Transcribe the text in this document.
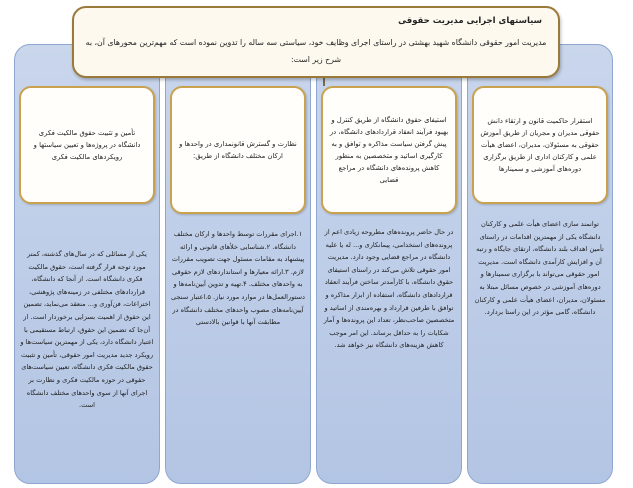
سیاستهای اجرایی مدیریت حقوقی
مدیریت امور حقوقی دانشگاه شهید بهشتی در راستای اجرای وظایف خود، سیاستی سه ساله را تدوین نموده است که مهم‌ترین محورهای آن، به شرح زیر است:
استقرار حاکمیت قانون و ارتقاء دانش حقوقی مدیران و مجریان از طریق آموزش حقوقی به مسئولان، مدیران، اعضای هیأت علمی و کارکنان اداری از طریق برگزاری دوره‌های آموزشی و سمینارها
استیفای حقوق دانشگاه از طریق کنترل و بهبود فرآیند انعقاد قراردادهای دانشگاه، در پیش گرفتن سیاست مذاکره و توافق و به کارگیری اساتید و متخصصین به منظور کاهش پرونده‌های دانشگاه در مراجع قضایی
نظارت و گسترش قانونمداری در واحدها و ارکان مختلف دانشگاه از طریق:
تأمین و تثبیت حقوق مالکیت فکری دانشگاه در پروژه‌ها و تعیین سیاستها و رویکردهای مالکیت فکری
توانمند سازی اعضای هیأت علمی و کارکنان دانشگاه یکی از مهمترین اقدامات در راستای تأمین اهداف بلند دانشگاه، ارتقای جایگاه و رتبه آن و افزایش کارآمدی دانشگاه است. مدیریت امور حقوقی می‌تواند با برگزاری سمینارها و دوره‌های آموزشی در خصوص مسائل مبتلا به مسئولان، مدیران، اعضای هیأت علمی و کارکنان دانشگاه، گامی مؤثر در این راستا بردارد.
در حال حاضر پرونده‌های مطروحه زیادی اعم از پرونده‌های استخدامی، پیمانکاری و... له یا علیه دانشگاه در مراجع قضایی وجود دارد. مدیریت امور حقوقی تلاش می‌کند در راستای استیفای حقوق دانشگاه، با کارآمدتر ساختن فرآیند انعقاد قراردادهای دانشگاه، استفاده از ابزار مذاکره و توافق با طرفین قرارداد و بهره‌مندی از اساتید و متخصصین صاحب‌نظر، تعداد این پرونده‌ها و آمار شکایات را به حداقل برساند. این امر موجب کاهش هزینه‌های دانشگاه نیز خواهد شد.
۱.اجرای مقررات توسط واحدها و ارکان مختلف دانشگاه. ۲.شناسایی خلأهای قانونی و ارائه پیشنهاد به مقامات مسئول جهت تصویب مقررات لازم. ۳.ارائه معیارها و استانداردهای لازم حقوقی به واحدهای مختلف. ۴.تهیه و تدوین آیین‌نامه‌ها و دستورالعمل‌ها در موارد مورد نیاز. ۵.اعتبار سنجی آیین‌نامه‌های مصوب واحدهای مختلف دانشگاه در مطابقت آنها با قوانین بالادستی
یکی از مسائلی که در سال‌های گذشته، کمتر مورد توجه قرار گرفته است، حقوق مالکیت فکری دانشگاه است. از آنجا که دانشگاه، قراردادهای مختلفی در زمینه‌های پژوهشی، اختراعات، فن‌آوری و... منعقد می‌نماید، تضمین این حقوق از اهمیت بسزایی برخوردار است. از آن‌جا که تضمین این حقوق، ارتباط مستقیمی با اعتبار دانشگاه دارد، یکی از مهمترین سیاست‌ها و رویکرد جدید مدیریت امور حقوقی، تأمین و تثبیت حقوق مالکیت فکری دانشگاه، تعیین سیاست‌های حقوقی در حوزه مالکیت فکری و نظارت بر اجرای آنها از سوی واحدهای مختلف دانشگاه است.
